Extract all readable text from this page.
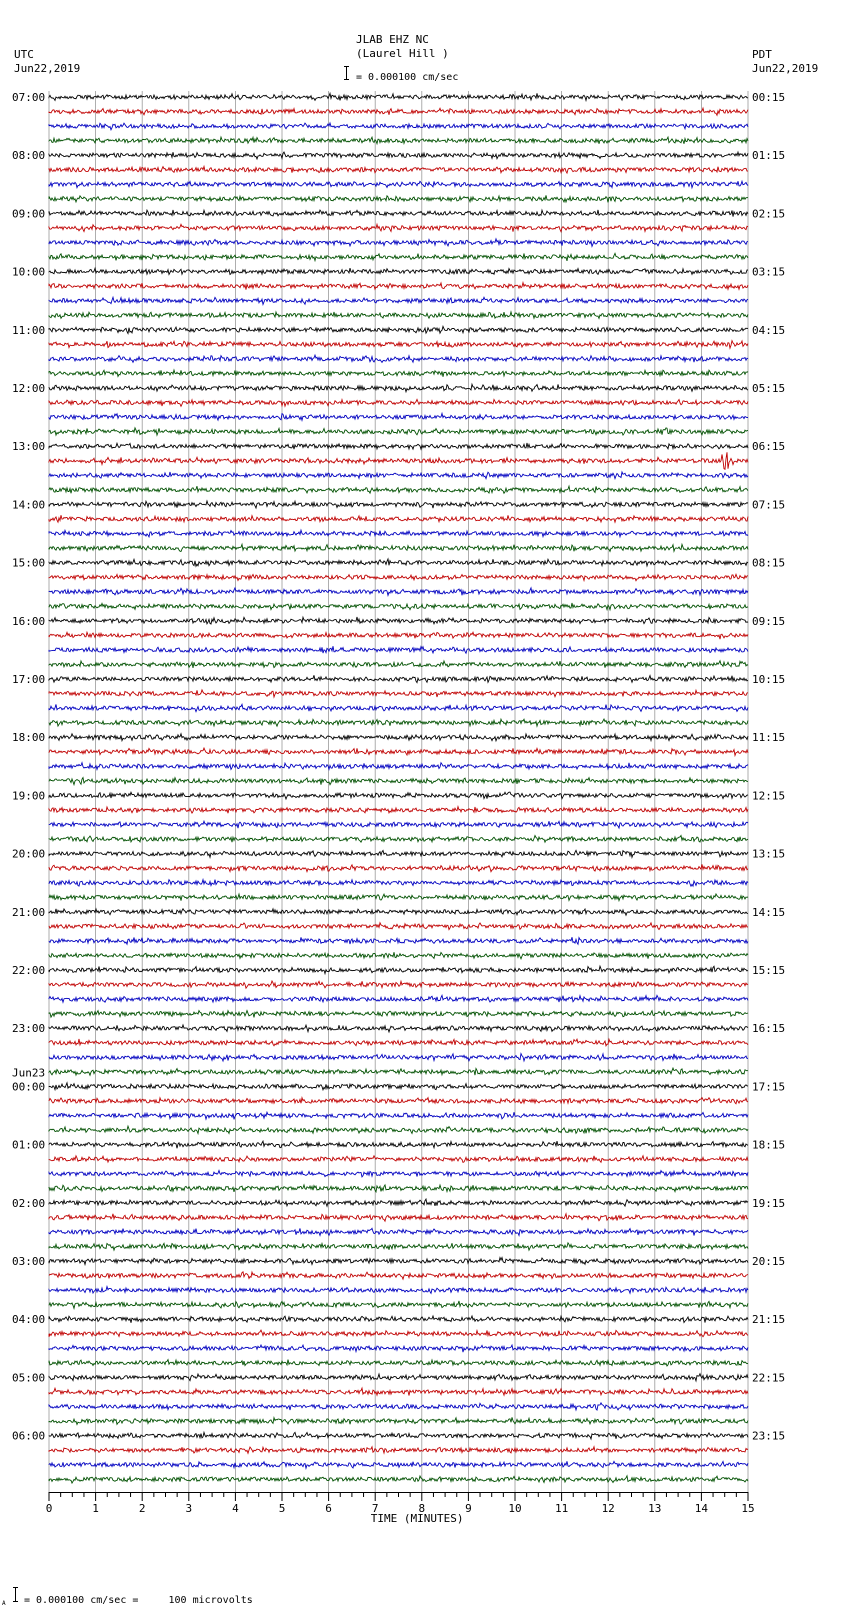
JLAB EHZ NC
(Laurel Hill )
= 0.000100 cm/sec
UTC
Jun22,2019
PDT
Jun22,2019
A = 0.000100 cm/sec =     100 microvolts
07:00
08:00
09:00
10:00
11:00
12:00
13:00
14:00
15:00
16:00
17:00
18:00
19:00
20:00
21:00
22:00
23:00
00:00
Jun23
01:00
02:00
03:00
04:00
05:00
06:00
00:15
01:15
02:15
03:15
04:15
05:15
06:15
07:15
08:15
09:15
10:15
11:15
12:15
13:15
14:15
15:15
16:15
17:15
18:15
19:15
20:15
21:15
22:15
23:15
0	1	2	3	4	5	6	7	8	9	10	11	12	13	14	15
TIME (MINUTES)
